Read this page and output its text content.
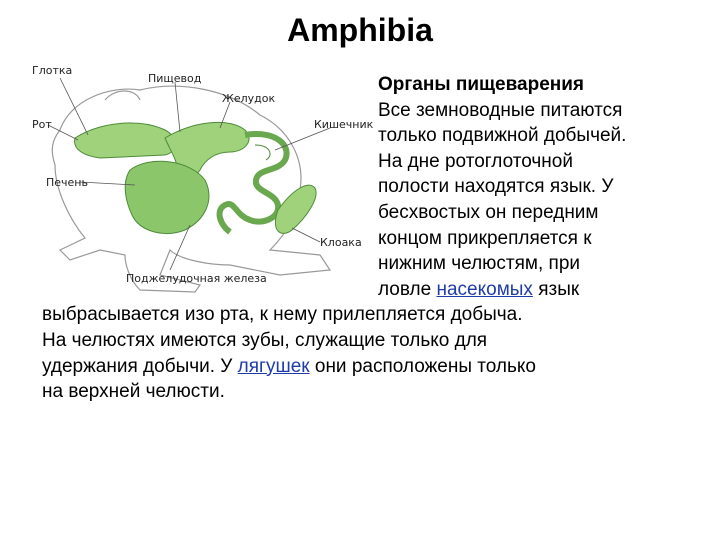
Amphibia
Глотка
Пищевод
Желудок
Рот	Кишечник
Печень
Клоака
Поджелудочная железа
Органы пищеварения
Все земноводные питаются
только подвижной добычей.
На дне ротоглоточной
полости находятся язык. У
бесхвостых он передним
концом прикрепляется к
нижним челюстям, при
ловле насекомых язык
выбрасывается изо рта, к нему прилепляется добыча.
На челюстях имеются зубы, служащие только для
удержания добычи. У лягушек они расположены только
на верхней челюсти.
